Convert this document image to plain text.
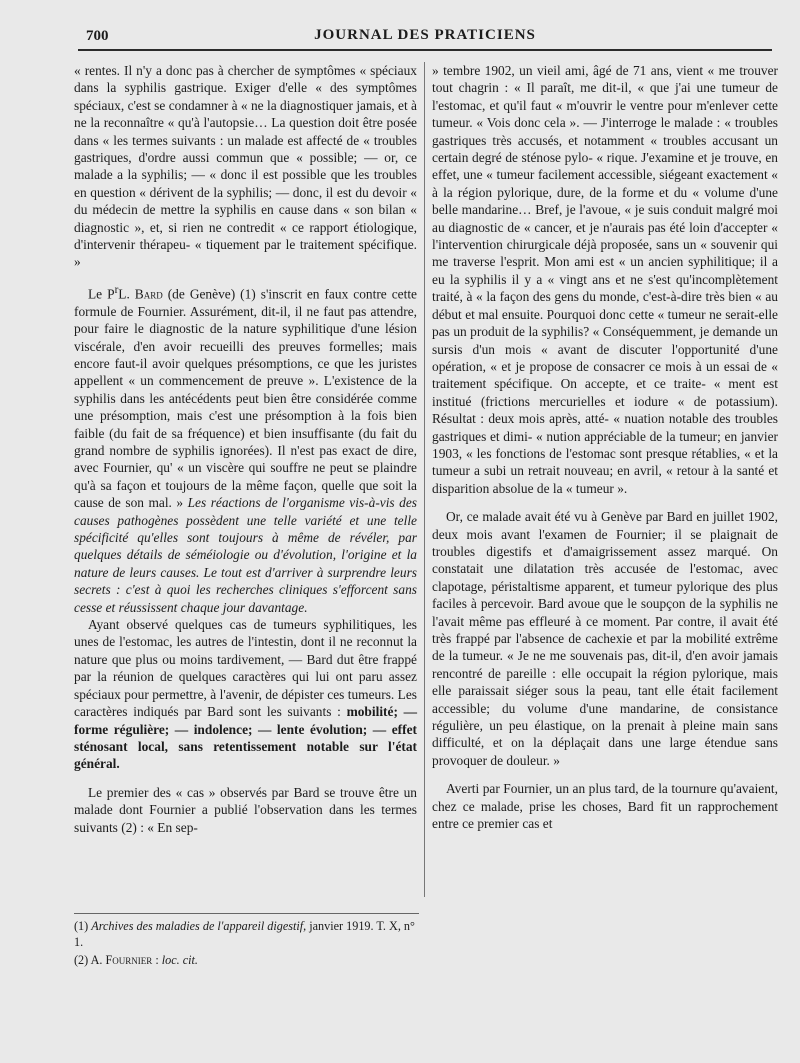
700	JOURNAL DES PRATICIENS

« rentes. Il n'y a donc pas à chercher de symptômes « spéciaux dans la syphilis gastrique. Exiger d'elle « des symptômes spéciaux, c'est se condamner à « ne la diagnostiquer jamais, et à ne la reconnaître « qu'à l'autopsie… La question doit être posée dans « les termes suivants : un malade est affecté de « troubles gastriques, d'ordre aussi commun que « possible; — or, ce malade a la syphilis; — « donc il est possible que les troubles en question « dérivent de la syphilis; — donc, il est du devoir « du médecin de mettre la syphilis en cause dans « son bilan « diagnostic », et, si rien ne contredit « ce rapport étiologique, d'intervenir thérapeu- « tiquement par le traitement spécifique. »

Le $P^rL$. Bard (de Genève) (1) s'inscrit en faux contre cette formule de Fournier. Assurément, dit-il, il ne faut pas attendre, pour faire le diagnostic de la nature syphilitique d'une lésion viscérale, d'en avoir recueilli des preuves formelles; mais encore faut-il avoir quelques présomptions, ce que les juristes appellent « un commencement de preuve ». L'existence de la syphilis dans les antécédents peut bien être considérée comme une présomption, mais c'est une présomption à la fois bien faible (du fait de sa fréquence) et bien insuffisante (du fait du grand nombre de syphilis ignorées). Il n'est pas exact de dire, avec Fournier, qu' « un viscère qui souffre ne peut se plaindre qu'à sa façon et toujours de la même façon, quelle que soit la cause de son mal. » Les réactions de l'organisme vis-à-vis des causes pathogènes possèdent une telle variété et une telle spécificité qu'elles sont toujours à même de révéler, par quelques détails de séméiologie ou d'évolution, l'origine et la nature de leurs causes. Le tout est d'arriver à surprendre leurs secrets : c'est à quoi les recherches cliniques s'efforcent sans cesse et réussissent chaque jour davantage.

Ayant observé quelques cas de tumeurs syphilitiques, les unes de l'estomac, les autres de l'intestin, dont il ne reconnut la nature que plus ou moins tardivement, — Bard dut être frappé par la réunion de quelques caractères qui lui ont paru assez spéciaux pour permettre, à l'avenir, de dépister ces tumeurs. Les caractères indiqués par Bard sont les suivants : mobilité; — forme régulière; — indolence; — lente évolution; — effet sténosant local, sans retentissement notable sur l'état général.

Le premier des « cas » observés par Bard se trouve être un malade dont Fournier a publié l'observation dans les termes suivants (2) : « En sep-

» tembre 1902, un vieil ami, âgé de 71 ans, vient « me trouver tout chagrin : « Il paraît, me dit-il, « que j'ai une tumeur de l'estomac, et qu'il faut « m'ouvrir le ventre pour m'enlever cette tumeur. « Vois donc cela ». — J'interroge le malade : « troubles gastriques très accusés, et notamment « troubles accusant un certain degré de sténose pylo- « rique. J'examine et je trouve, en effet, une « tumeur facilement accessible, siégeant exactement « à la région pylorique, dure, de la forme et du « volume d'une belle mandarine… Bref, je l'avoue, « je suis conduit malgré moi au diagnostic de « cancer, et je n'aurais pas été loin d'accepter « l'intervention chirurgicale déjà proposée, sans un « souvenir qui me traverse l'esprit. Mon ami est « un ancien syphilitique; il a eu la syphilis il y a « vingt ans et ne s'est qu'incomplètement traité, à « la façon des gens du monde, c'est-à-dire très bien « au début et mal ensuite. Pourquoi donc cette « tumeur ne serait-elle pas un produit de la syphilis? « Conséquemment, je demande un sursis d'un mois « avant de discuter l'opportunité d'une opération, « et je propose de consacrer ce mois à un essai de « traitement spécifique. On accepte, et ce traite- « ment est institué (frictions mercurielles et iodure « de potassium). Résultat : deux mois après, atté- « nuation notable des troubles gastriques et dimi- « nution appréciable de la tumeur; en janvier 1903, « les fonctions de l'estomac sont presque rétablies, « et la tumeur a subi un retrait nouveau; en avril, « retour à la santé et disparition absolue de la « tumeur ».

Or, ce malade avait été vu à Genève par Bard en juillet 1902, deux mois avant l'examen de Fournier; il se plaignait de troubles digestifs et d'amaigrissement assez marqué. On constatait une dilatation très accusée de l'estomac, avec clapotage, péristaltisme apparent, et tumeur pylorique des plus faciles à percevoir. Bard avoue que le soupçon de la syphilis ne l'avait même pas effleuré à ce moment. Par contre, il avait été très frappé par l'absence de cachexie et par la mobilité extrême de la tumeur. « Je ne me souvenais pas, dit-il, d'en avoir jamais rencontré de pareille : elle occupait la région pylorique, mais elle paraissait siéger sous la peau, tant elle était facilement accessible; du volume d'une mandarine, de consistance régulière, un peu élastique, on la prenait à pleine main sans difficulté, et on la déplaçait dans une large étendue sans provoquer de douleur. »

Averti par Fournier, un an plus tard, de la tournure qu'avaient, chez ce malade, prise les choses, Bard fit un rapprochement entre ce premier cas et

(1) Archives des maladies de l'appareil digestif, janvier 1919. T. X, n° 1.

(2) A. Fournier : loc. cit.
